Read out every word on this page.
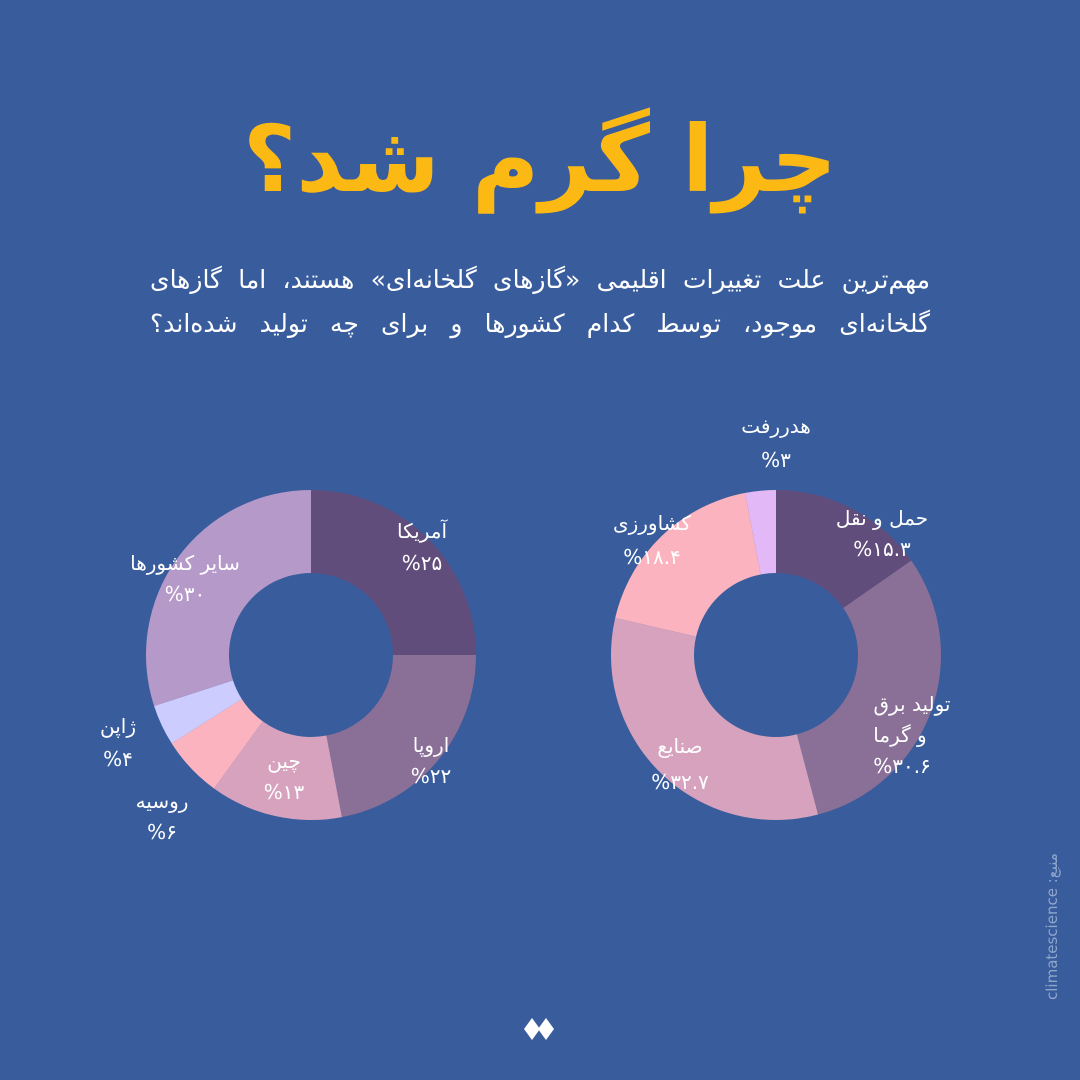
چرا گرم شد؟

مهم‌ترین علت تغییرات اقلیمی «گازهای گلخانه‌ای» هستند، اما گازهای

گلخانه‌ای موجود، توسط کدام کشورها و برای چه تولید شده‌اند؟

آمریکا
%۲۵
اروپا
%۲۲
چین
%۱۳
روسیه
%۶
ژاپن
%۴
سایر کشورها
%۳۰
حمل و نقل
%۱۵.۳
تولید برق
و گرما
%۳۰.۶
صنایع
%۳۲.۷
کشاورزی
%۱۸.۴
هدررفت
%۳
منبع: climatescience
